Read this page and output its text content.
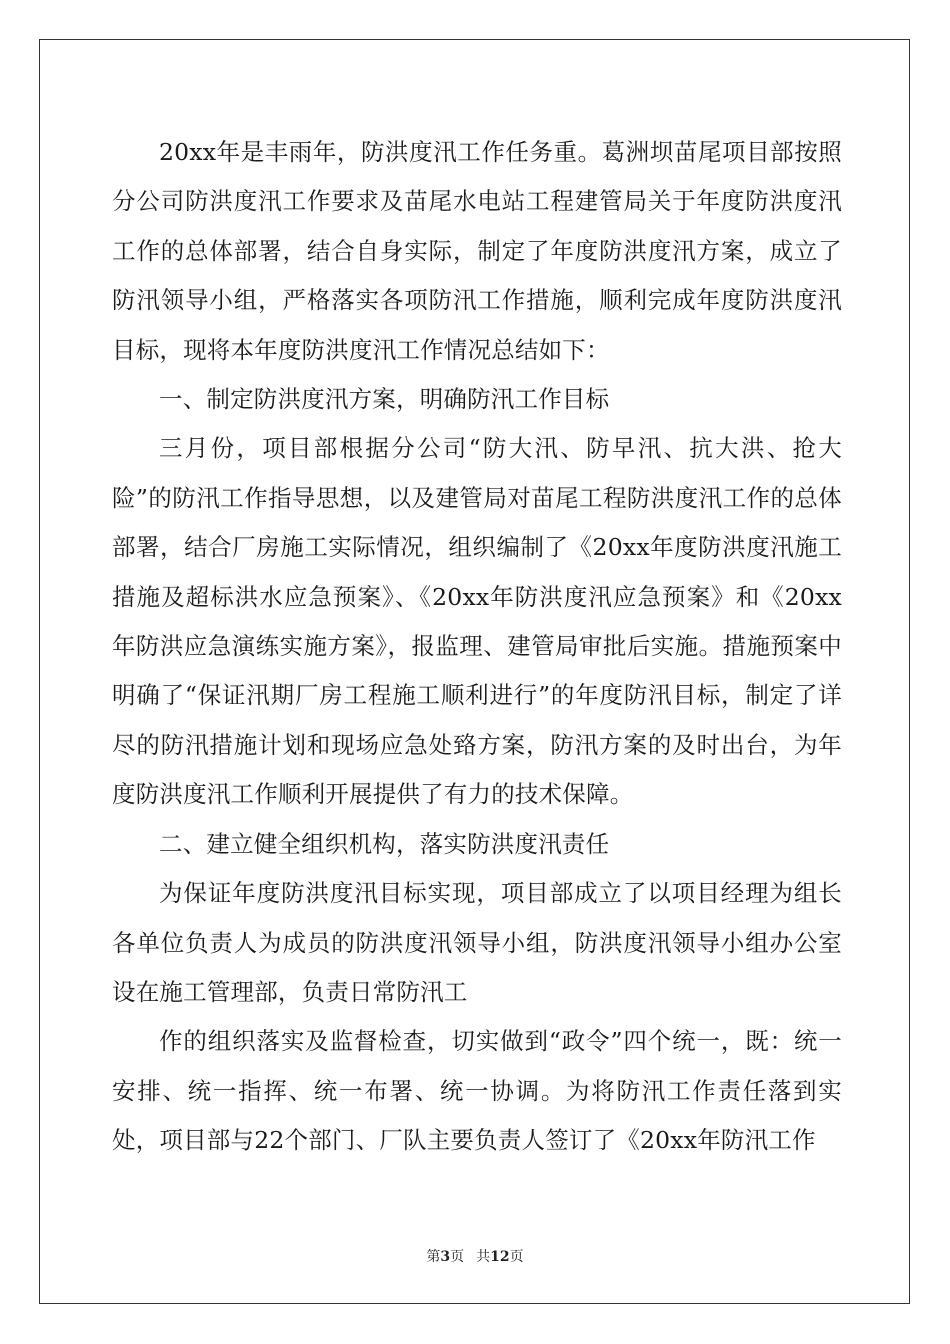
20xx年是丰雨年，防洪度汛工作任务重。葛洲坝苗尾项目部按照分公司防洪度汛工作要求及苗尾水电站工程建管局关于年度防洪度汛工作的总体部署，结合自身实际，制定了年度防洪度汛方案，成立了防汛领导小组，严格落实各项防汛工作措施，顺利完成年度防洪度汛目标，现将本年度防洪度汛工作情况总结如下：

一、制定防洪度汛方案，明确防汛工作目标

三月份，项目部根据分公司“防大汛、防早汛、抗大洪、抢大险”的防汛工作指导思想，以及建管局对苗尾工程防洪度汛工作的总体部署，结合厂房施工实际情况，组织编制了《20xx年度防洪度汛施工措施及超标洪水应急预案》、《20xx年防洪度汛应急预案》和《20xx年防洪应急演练实施方案》，报监理、建管局审批后实施。措施预案中明确了“保证汛期厂房工程施工顺利进行”的年度防汛目标，制定了详尽的防汛措施计划和现场应急处臵方案，防汛方案的及时出台，为年度防洪度汛工作顺利开展提供了有力的技术保障。

二、建立健全组织机构，落实防洪度汛责任

为保证年度防洪度汛目标实现，项目部成立了以项目经理为组长各单位负责人为成员的防洪度汛领导小组，防洪度汛领导小组办公室设在施工管理部，负责日常防汛工

作的组织落实及监督检查，切实做到“政令”四个统一，既：统一安排、统一指挥、统一布署、统一协调。为将防汛工作责任落到实处，项目部与22个部门、厂队主要负责人签订了《20xx年防汛工作

第3页 共12页
